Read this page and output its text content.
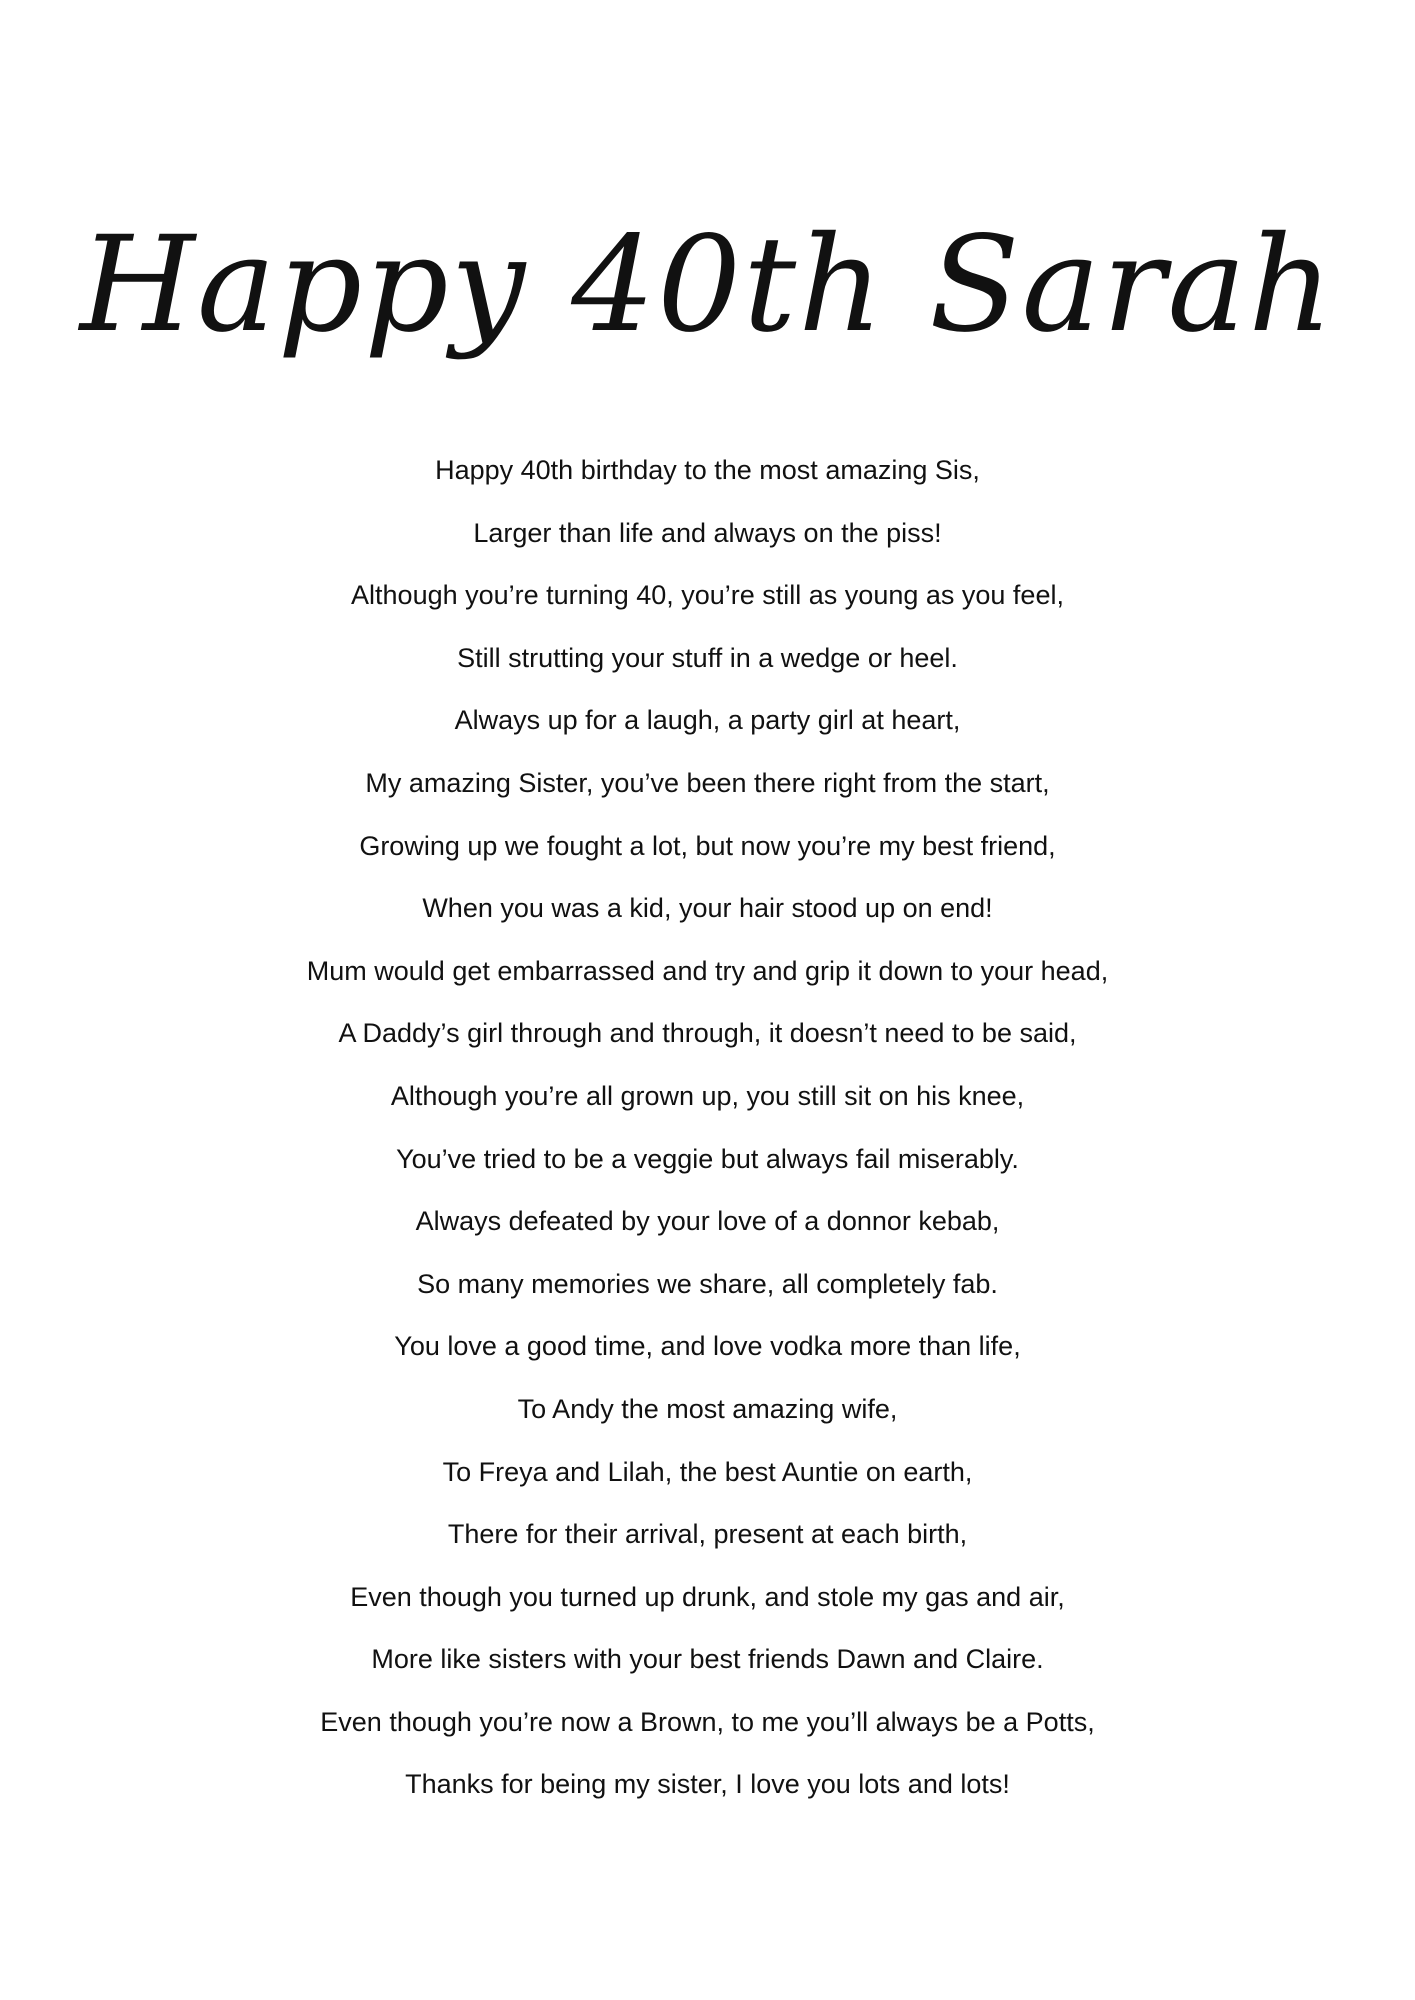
Happy 40th Sarah
Happy 40th birthday to the most amazing Sis,
Larger than life and always on the piss!
Although you’re turning 40, you’re still as young as you feel,
Still strutting your stuff in a wedge or heel.
Always up for a laugh, a party girl at heart,
My amazing Sister, you’ve been there right from the start,
Growing up we fought a lot, but now you’re my best friend,
When you was a kid, your hair stood up on end!
Mum would get embarrassed and try and grip it down to your head,
A Daddy’s girl through and through, it doesn’t need to be said,
Although you’re all grown up, you still sit on his knee,
You’ve tried to be a veggie but always fail miserably.
Always defeated by your love of a donnor kebab,
So many memories we share, all completely fab.
You love a good time, and love vodka more than life,
To Andy the most amazing wife,
To Freya and Lilah, the best Auntie on earth,
There for their arrival, present at each birth,
Even though you turned up drunk, and stole my gas and air,
More like sisters with your best friends Dawn and Claire.
Even though you’re now a Brown, to me you’ll always be a Potts,
Thanks for being my sister, I love you lots and lots!
